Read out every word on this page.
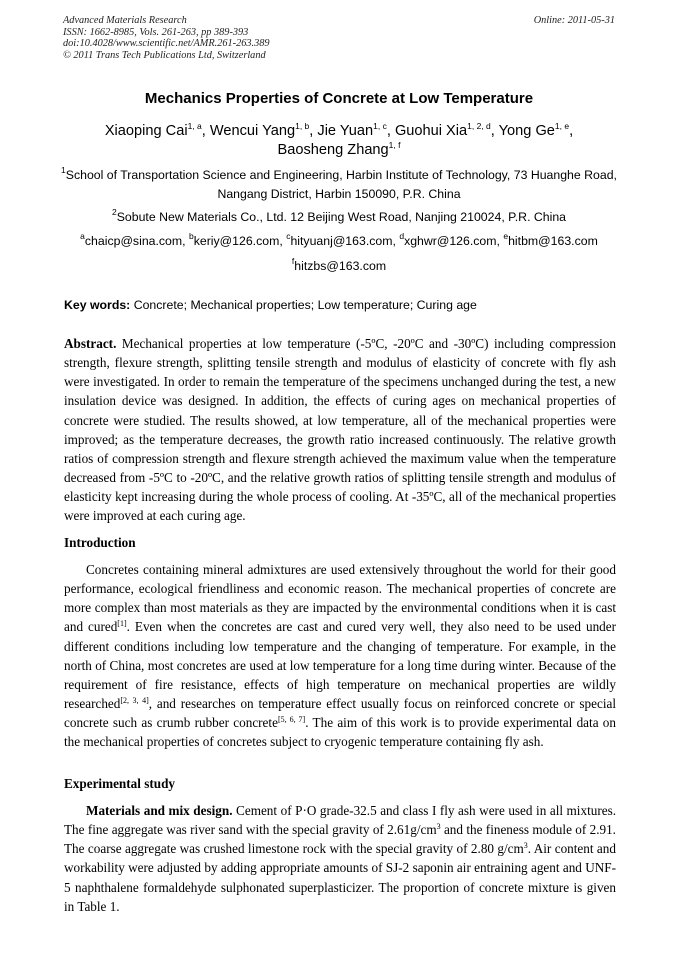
Advanced Materials Research
ISSN: 1662-8985, Vols. 261-263, pp 389-393
doi:10.4028/www.scientific.net/AMR.261-263.389
© 2011 Trans Tech Publications Ltd, Switzerland
Online: 2011-05-31
Mechanics Properties of Concrete at Low Temperature
Xiaoping Cai$^{1, a}$, Wencui Yang$^{1, b}$, Jie Yuan$^{1, c}$, Guohui Xia$^{1, 2, d}$, Yong Ge$^{1, e}$,
Baosheng Zhang$^{1, f}$
$^1$School of Transportation Science and Engineering, Harbin Institute of Technology, 73 Huanghe Road, Nangang District, Harbin 150090, P.R. China
$^2$Sobute New Materials Co., Ltd. 12 Beijing West Road, Nanjing 210024, P.R. China
$^a$chaicp@sina.com, $^b$keriy@126.com, $^c$hityuanj@163.com, $^d$xghwr@126.com, $^e$hitbm@163.com
$^f$hitzbs@163.com
Key words: Concrete; Mechanical properties; Low temperature; Curing age
Abstract. Mechanical properties at low temperature (-5ºC, -20ºC and -30ºC) including compression strength, flexure strength, splitting tensile strength and modulus of elasticity of concrete with fly ash were investigated. In order to remain the temperature of the specimens unchanged during the test, a new insulation device was designed. In addition, the effects of curing ages on mechanical properties of concrete were studied. The results showed, at low temperature, all of the mechanical properties were improved; as the temperature decreases, the growth ratio increased continuously. The relative growth ratios of compression strength and flexure strength achieved the maximum value when the temperature decreased from -5ºC to -20ºC, and the relative growth ratios of splitting tensile strength and modulus of elasticity kept increasing during the whole process of cooling. At -35ºC, all of the mechanical properties were improved at each curing age.
Introduction
Concretes containing mineral admixtures are used extensively throughout the world for their good performance, ecological friendliness and economic reason. The mechanical properties of concrete are more complex than most materials as they are impacted by the environmental conditions when it is cast and cured[1]. Even when the concretes are cast and cured very well, they also need to be used under different conditions including low temperature and the changing of temperature. For example, in the north of China, most concretes are used at low temperature for a long time during winter. Because of the requirement of fire resistance, effects of high temperature on mechanical properties are wildly researched[2, 3, 4], and researches on temperature effect usually focus on reinforced concrete or special concrete such as crumb rubber concrete[5, 6, 7]. The aim of this work is to provide experimental data on the mechanical properties of concretes subject to cryogenic temperature containing fly ash.
Experimental study
Materials and mix design. Cement of P·O grade-32.5 and class I fly ash were used in all mixtures. The fine aggregate was river sand with the special gravity of $2.61g/cm^3$ and the fineness module of 2.91. The coarse aggregate was crushed limestone rock with the special gravity of 2.80 $g/cm^3$. Air content and workability were adjusted by adding appropriate amounts of SJ-2 saponin air entraining agent and UNF-5 naphthalene formaldehyde sulphonated superplasticizer. The proportion of concrete mixture is given in Table 1.
